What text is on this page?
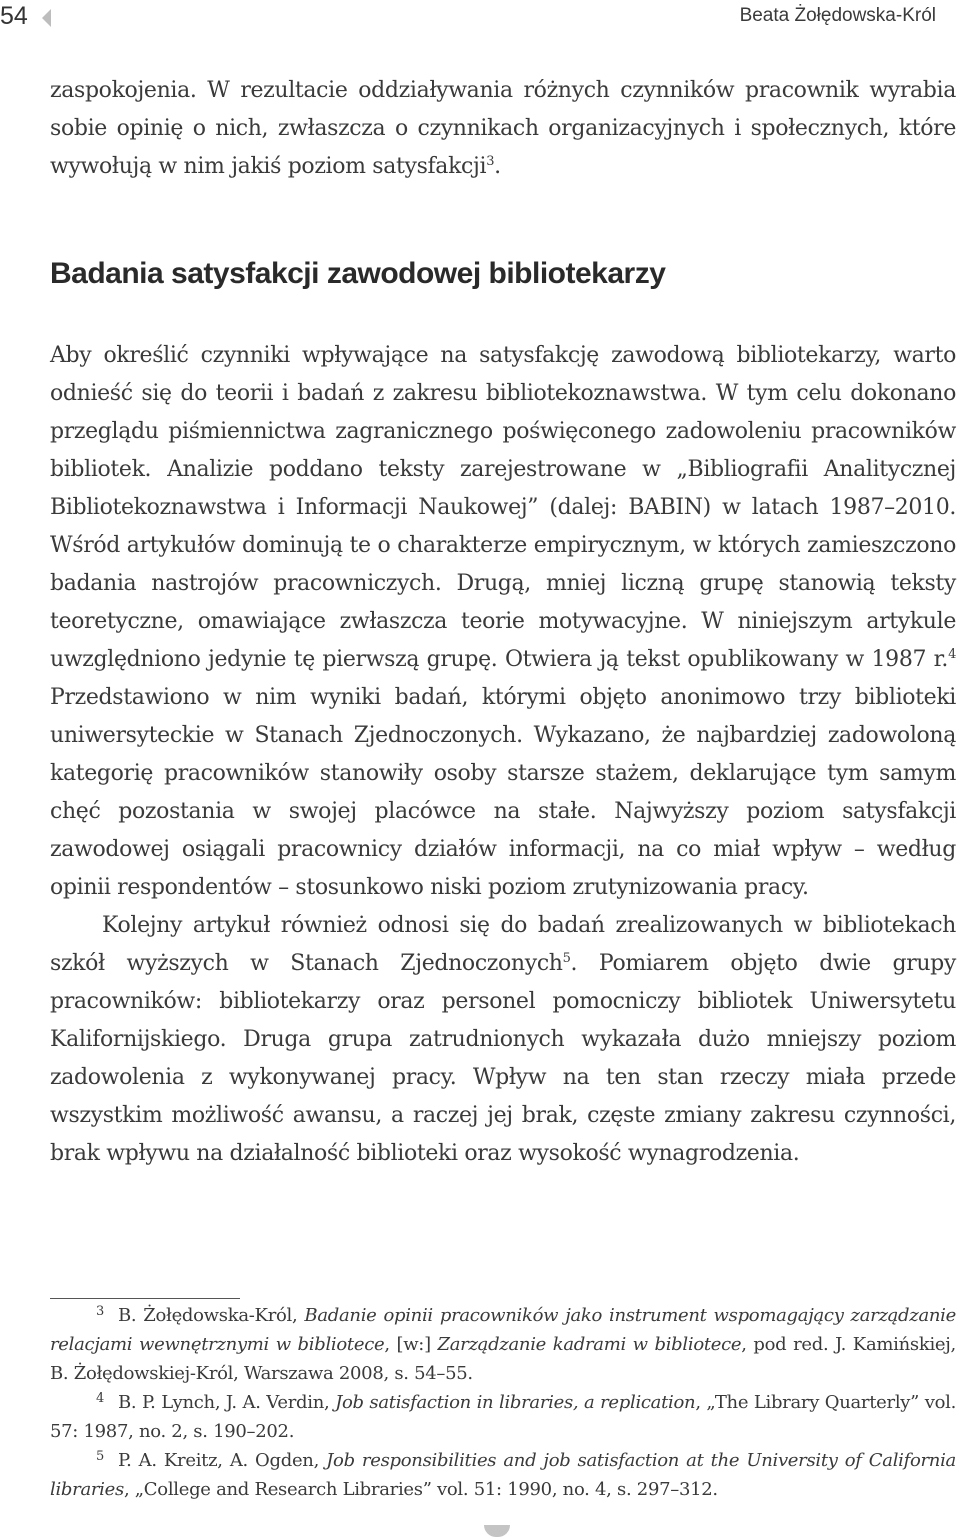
54	Beata Żołędowska-Król

zaspokojenia. W rezultacie oddziaływania różnych czynników pracownik wyrabia sobie opinię o nich, zwłaszcza o czynnikach organizacyjnych i społecznych, które wywołują w nim jakiś poziom satysfakcji$^3$.

Badania satysfakcji zawodowej bibliotekarzy

Aby określić czynniki wpływające na satysfakcję zawodową bibliotekarzy, warto odnieść się do teorii i badań z zakresu bibliotekoznawstwa. W tym celu dokonano przeglądu piśmiennictwa zagranicznego poświęconego zadowoleniu pracowników bibliotek. Analizie poddano teksty zarejestrowane w „Bibliografii Analitycznej Bibliotekoznawstwa i Informacji Naukowej” (dalej: BABIN) w latach 1987–2010. Wśród artykułów dominują te o charakterze empirycznym, w których zamieszczono badania nastrojów pracowniczych. Drugą, mniej liczną grupę stanowią teksty teoretyczne, omawiające zwłaszcza teorie motywacyjne. W niniejszym artykule uwzględniono jedynie tę pierwszą grupę. Otwiera ją tekst opublikowany w 1987 r.$^4$ Przedstawiono w nim wyniki badań, którymi objęto anonimowo trzy biblioteki uniwersyteckie w Stanach Zjednoczonych. Wykazano, że najbardziej zadowoloną kategorię pracowników stanowiły osoby starsze stażem, deklarujące tym samym chęć pozostania w swojej placówce na stałe. Najwyższy poziom satysfakcji zawodowej osiągali pracownicy działów informacji, na co miał wpływ – według opinii respondentów – stosunkowo niski poziom zrutynizowania pracy.

Kolejny artykuł również odnosi się do badań zrealizowanych w bibliotekach szkół wyższych w Stanach Zjednoczonych$^5$. Pomiarem objęto dwie grupy pracowników: bibliotekarzy oraz personel pomocniczy bibliotek Uniwersytetu Kalifornijskiego. Druga grupa zatrudnionych wykazała dużo mniejszy poziom zadowolenia z wykonywanej pracy. Wpływ na ten stan rzeczy miała przede wszystkim możliwość awansu, a raczej jej brak, częste zmiany zakresu czynności, brak wpływu na działalność biblioteki oraz wysokość wynagrodzenia.

$^3$ B. Żołędowska-Król, Badanie opinii pracowników jako instrument wspomagający zarządzanie relacjami wewnętrznymi w bibliotece, [w:] Zarządzanie kadrami w bibliotece, pod red. J. Kamińskiej, B. Żołędowskiej-Król, Warszawa 2008, s. 54–55.

$^4$ B. P. Lynch, J. A. Verdin, Job satisfaction in libraries, a replication, „The Library Quarterly” vol. 57: 1987, no. 2, s. 190–202.

$^5$ P. A. Kreitz, A. Ogden, Job responsibilities and job satisfaction at the University of California libraries, „College and Research Libraries” vol. 51: 1990, no. 4, s. 297–312.
